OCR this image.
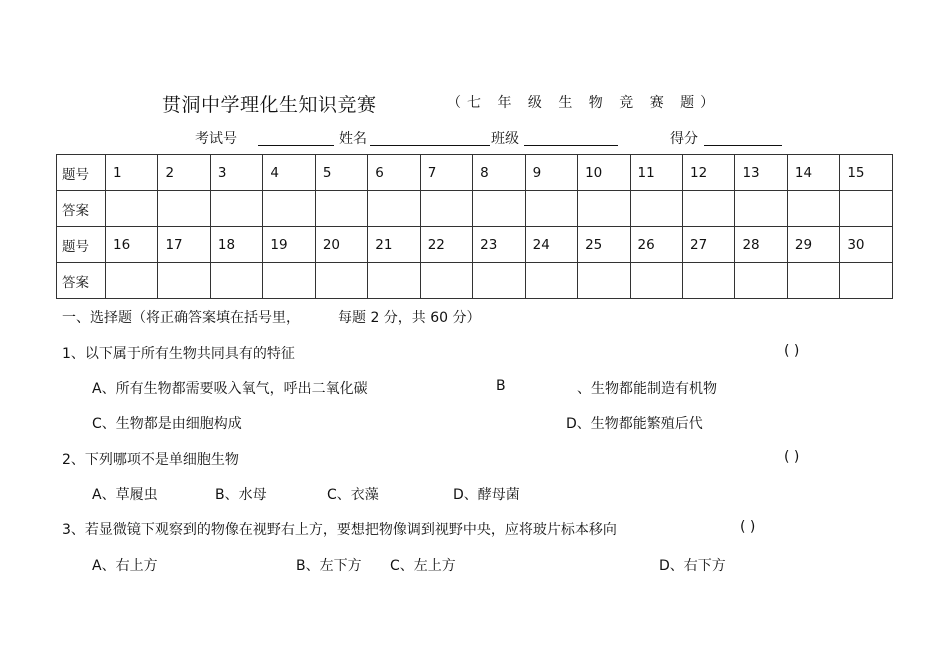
贯洞中学理化生知识竞赛	（七 年 级 生 物 竞 赛 题）
考试号	姓名	班级	得分
题号	1	2	3	4	5	6	7	8	9	10	11	12	13	14	15
答案															
题号	16	17	18	19	20	21	22	23	24	25	26	27	28	29	30
答案															
一、选择题（将正确答案填在括号里，	每题 2 分，共 60 分）
1、以下属于所有生物共同具有的特征	( )
A、所有生物都需要吸入氧气，呼出二氧化碳	B	、生物都能制造有机物
C、生物都是由细胞构成	D、生物都能繁殖后代
2、下列哪项不是单细胞生物	( )
A、草履虫	B、水母	C、衣藻	D、酵母菌
3、若显微镜下观察到的物像在视野右上方，要想把物像调到视野中央，应将玻片标本移向	( )
A、右上方	B、左下方 C、左上方	D、右下方
